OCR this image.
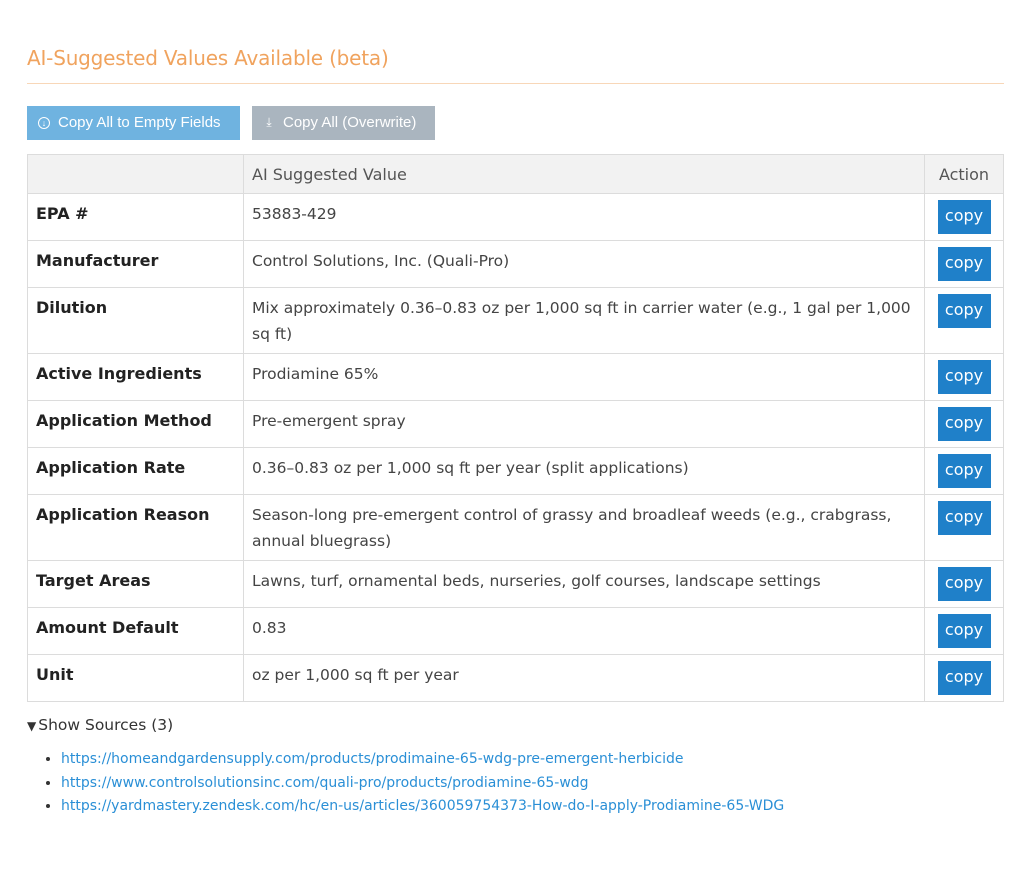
AI-Suggested Values Available (beta)
↓ Copy All to Empty Fields	⤓ Copy All (Overwrite)
	AI Suggested Value	Action
EPA #	53883-429	copy
Manufacturer	Control Solutions, Inc. (Quali-Pro)	copy
Dilution	Mix approximately 0.36–0.83 oz per 1,000 sq ft in carrier water (e.g., 1 gal per 1,000 sq ft)	copy
Active Ingredients	Prodiamine 65%	copy
Application Method	Pre-emergent spray	copy
Application Rate	0.36–0.83 oz per 1,000 sq ft per year (split applications)	copy
Application Reason	Season-long pre-emergent control of grassy and broadleaf weeds (e.g., crabgrass, annual bluegrass)	copy
Target Areas	Lawns, turf, ornamental beds, nurseries, golf courses, landscape settings	copy
Amount Default	0.83	copy
Unit	oz per 1,000 sq ft per year	copy
▼ Show Sources (3)
• https://homeandgardensupply.com/products/prodimaine-65-wdg-pre-emergent-herbicide
• https://www.controlsolutionsinc.com/quali-pro/products/prodiamine-65-wdg
• https://yardmastery.zendesk.com/hc/en-us/articles/360059754373-How-do-I-apply-Prodiamine-65-WDG
